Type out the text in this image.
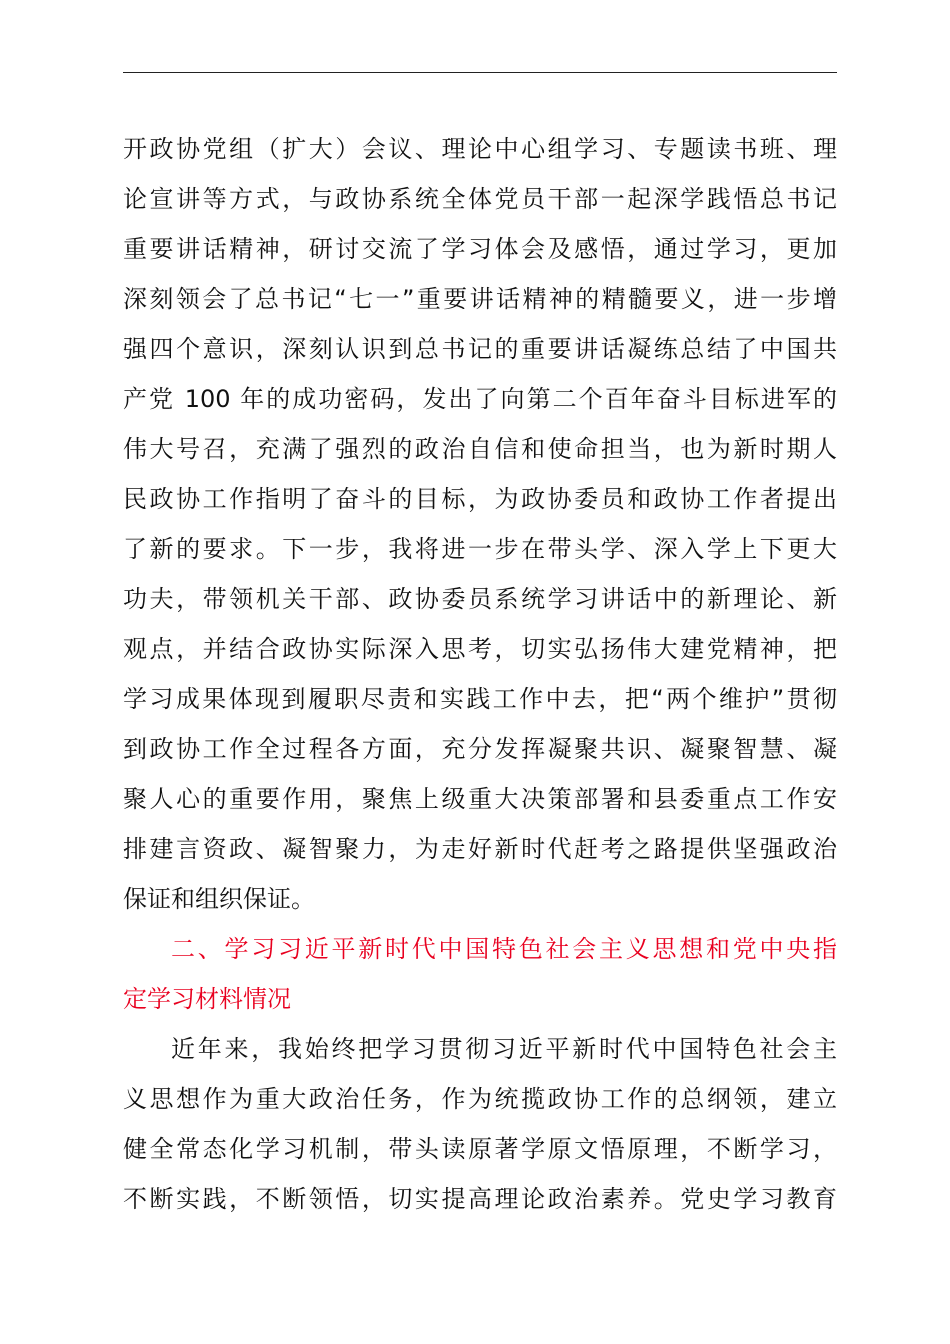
开政协党组（扩大）会议、理论中心组学习、专题读书班、理
论宣讲等方式，与政协系统全体党员干部一起深学践悟总书记
重要讲话精神，研讨交流了学习体会及感悟，通过学习，更加
深刻领会了总书记“七一”重要讲话精神的精髓要义，进一步增
强四个意识，深刻认识到总书记的重要讲话凝练总结了中国共
产党 100 年的成功密码，发出了向第二个百年奋斗目标进军的
伟大号召，充满了强烈的政治自信和使命担当，也为新时期人
民政协工作指明了奋斗的目标，为政协委员和政协工作者提出
了新的要求。下一步，我将进一步在带头学、深入学上下更大
功夫，带领机关干部、政协委员系统学习讲话中的新理论、新
观点，并结合政协实际深入思考，切实弘扬伟大建党精神，把
学习成果体现到履职尽责和实践工作中去，把“两个维护”贯彻
到政协工作全过程各方面，充分发挥凝聚共识、凝聚智慧、凝
聚人心的重要作用，聚焦上级重大决策部署和县委重点工作安
排建言资政、凝智聚力，为走好新时代赶考之路提供坚强政治
保证和组织保证。
二、学习习近平新时代中国特色社会主义思想和党中央指
定学习材料情况
近年来，我始终把学习贯彻习近平新时代中国特色社会主
义思想作为重大政治任务，作为统揽政协工作的总纲领，建立
健全常态化学习机制，带头读原著学原文悟原理，不断学习，
不断实践，不断领悟，切实提高理论政治素养。党史学习教育
